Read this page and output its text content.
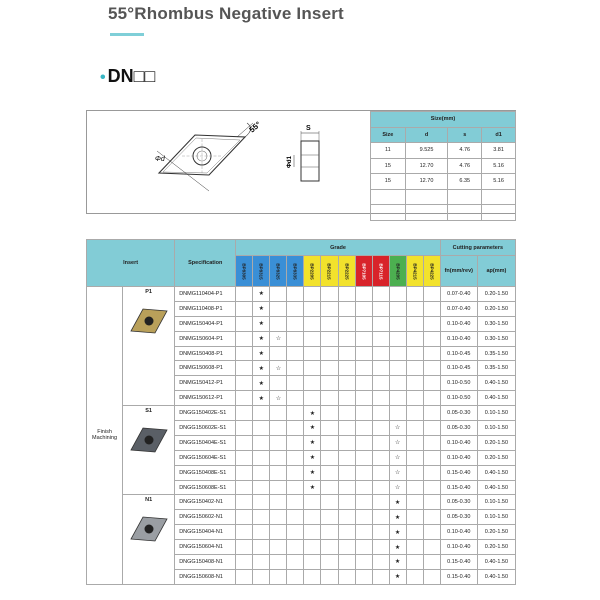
55°Rhombus Negative Insert
• DN□□
Φd
55°	S
Φd1
Size(mm)			
Size	d	s	d1
11	9.525	4.76	3.81
15	12.70	4.76	5.16
15	12.70	6.35	5.16

Insert		Specification	Grade												Cutting parameters	
			BP8305	BP8315	BP8325	BP8335	BP2205	BP2215	BP2225	BP7105	BP7115	BP4205	BP4215	BP4225	fn(mm/rev)	ap(mm)

Finish
Machining	P1	DNMG110404-P1		★											0.07-0.40	0.20-1.50
		DNMG110408-P1		★											0.07-0.40	0.20-1.50
		DNMG150404-P1		★											0.10-0.40	0.30-1.50
		DNMG150604-P1		★	☆										0.10-0.40	0.30-1.50
		DNMG150408-P1		★											0.10-0.45	0.35-1.50
		DNMG150608-P1		★	☆										0.10-0.45	0.35-1.50
		DNMG150412-P1		★											0.10-0.50	0.40-1.50
		DNMG150612-P1		★	☆										0.10-0.50	0.40-1.50

	S1	DNGG150402E-S1					★								0.05-0.30	0.10-1.50
		DNGG150602E-S1					★					☆			0.05-0.30	0.10-1.50
		DNGG150404E-S1					★					☆			0.10-0.40	0.20-1.50
		DNGG150604E-S1					★					☆			0.10-0.40	0.20-1.50
		DNGG150408E-S1					★					☆			0.15-0.40	0.40-1.50
		DNGG150608E-S1					★					☆			0.15-0.40	0.40-1.50

	N1	DNGG150402-N1										★			0.05-0.30	0.10-1.50
		DNGG150602-N1										★			0.05-0.30	0.10-1.50
		DNGG150404-N1										★			0.10-0.40	0.20-1.50
		DNGG150604-N1										★			0.10-0.40	0.20-1.50
		DNGG150408-N1										★			0.15-0.40	0.40-1.50
		DNGG150608-N1										★			0.15-0.40	0.40-1.50
